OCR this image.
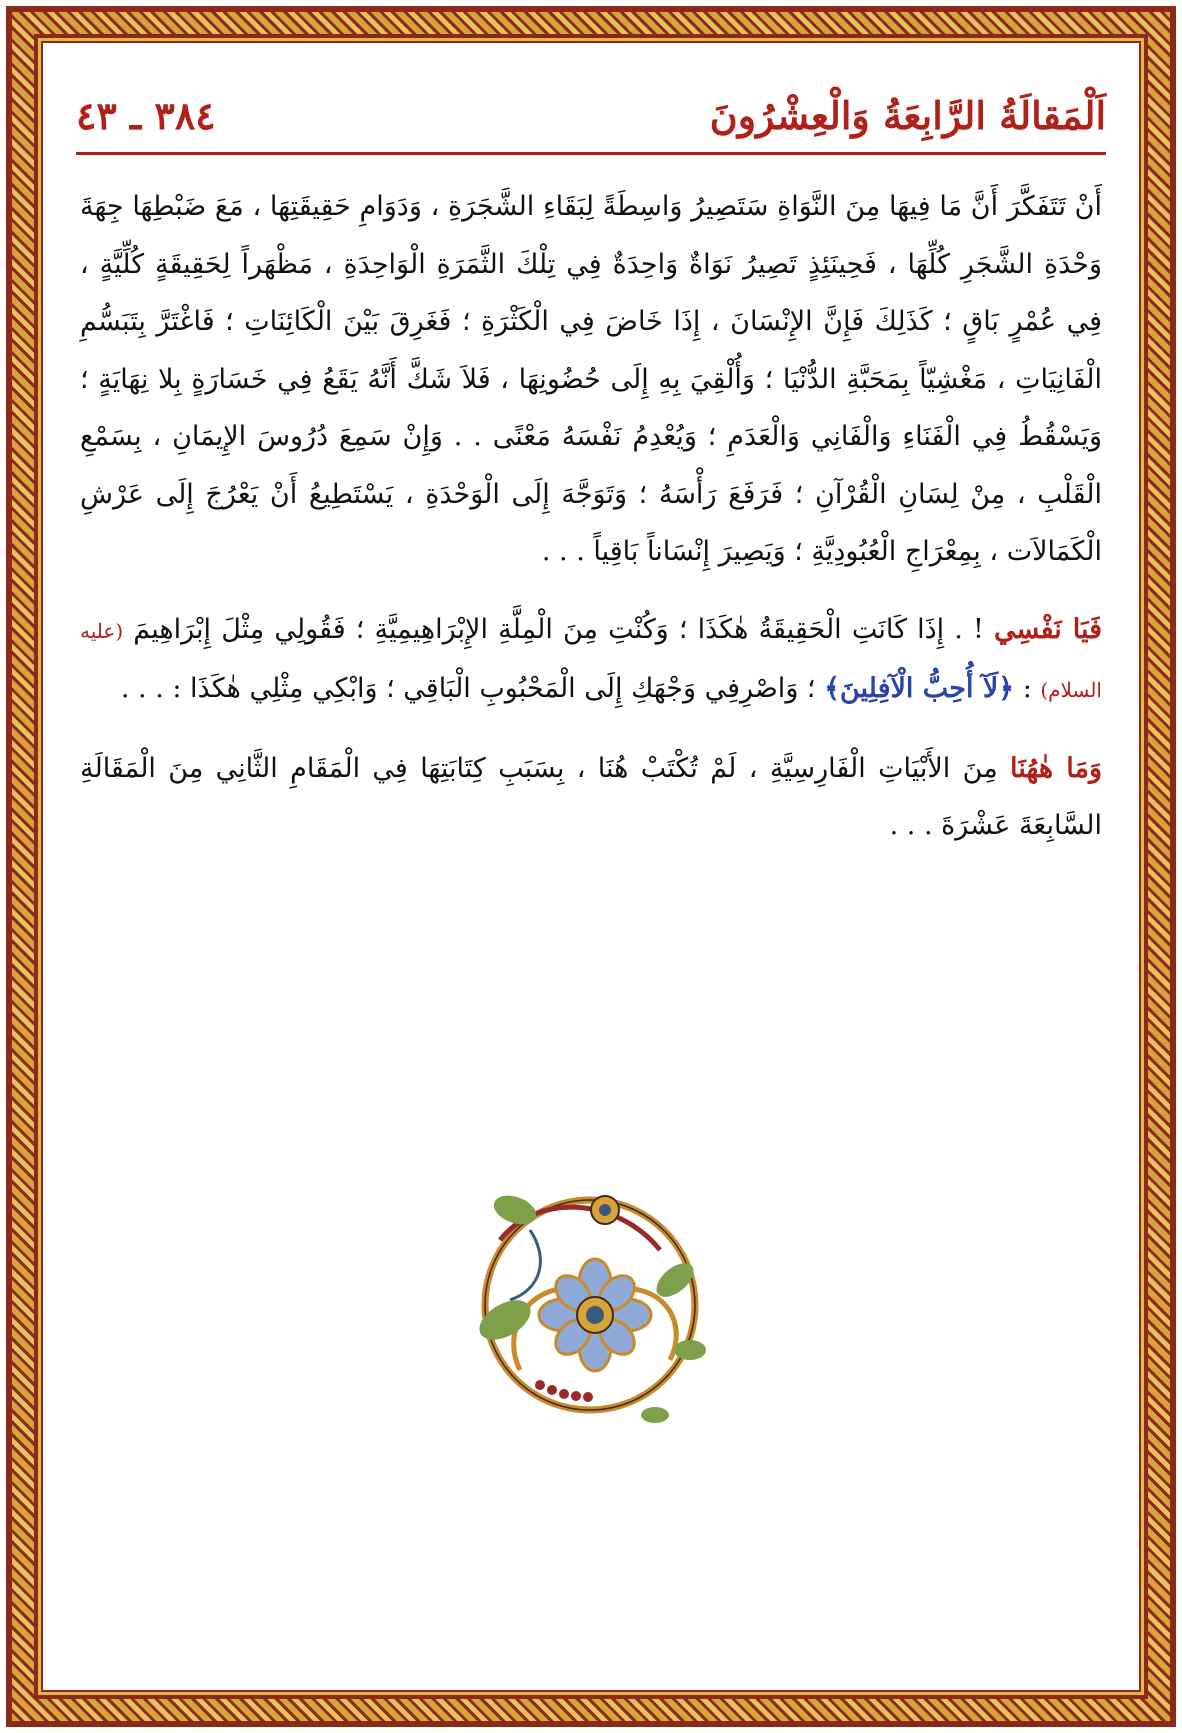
٣٨٤ ـ ٤٣	اَلْمَقالَةُ الرَّابِعَةُ وَالْعِشْرُونَ

أَنْ تَتَفَكَّرَ أَنَّ مَا فِيهَا مِنَ النَّوَاةِ سَتَصِيرُ وَاسِطَةً لِبَقَاءِ الشَّجَرَةِ ، وَدَوَامِ حَقِيقَتِهَا ، مَعَ ضَبْطِهَا جِهَةَ وَحْدَةِ الشَّجَرِ كُلِّهَا ، فَحِينَئِذٍ تَصِيرُ نَوَاةٌ وَاحِدَةٌ فِي تِلْكَ الثَّمَرَةِ الْوَاحِدَةِ ، مَظْهَراً لِحَقِيقَةٍ كُلِّيَّةٍ ، فِي عُمْرٍ بَاقٍ ؛ كَذَلِكَ فَإِنَّ الإِنْسَانَ ، إِذَا خَاضَ فِي الْكَثْرَةِ ؛ فَغَرِقَ بَيْنَ الْكَائِنَاتِ ؛ فَاغْتَرَّ بِتَبَسُّمِ الْفَانِيَاتِ ، مَغْشِيّاً بِمَحَبَّةِ الدُّنْيَا ؛ وَأُلْقِيَ بِهِ إِلَى حُضُونِهَا ، فَلاَ شَكَّ أَنَّهُ يَقَعُ فِي خَسَارَةٍ بِلا نِهَايَةٍ ؛ وَيَسْقُطُ فِي الْفَنَاءِ وَالْفَانِي وَالْعَدَمِ ؛ وَيُعْدِمُ نَفْسَهُ مَعْنًى . . وَإِنْ سَمِعَ دُرُوسَ الإِيمَانِ ، بِسَمْعِ الْقَلْبِ ، مِنْ لِسَانِ الْقُرْآنِ ؛ فَرَفَعَ رَأْسَهُ ؛ وَتَوَجَّهَ إِلَى الْوَحْدَةِ ، يَسْتَطِيعُ أَنْ يَعْرُجَ إِلَى عَرْشِ الْكَمَالاَت ، بِمِعْرَاجِ الْعُبُودِيَّةِ ؛ وَيَصِيرَ إِنْسَاناً بَاقِياً . . .

فَيَا نَفْسِي ! . إِذَا كَانَتِ الْحَقِيقَةُ هٰكَذَا ؛ وَكُنْتِ مِنَ الْمِلَّةِ الإِبْرَاهِيمِيَّةِ ؛ فَقُولِي مِثْلَ إِبْرَاهِيمَ (عليه السلام) : ﴿لَآ أُحِبُّ الْآفِلِينَ﴾ ؛ وَاصْرِفِي وَجْهَكِ إِلَى الْمَحْبُوبِ الْبَاقِي ؛ وَابْكِي مِثْلِي هٰكَذَا : . . .

وَمَا هٰهُنَا مِنَ الأَبْيَاتِ الْفَارِسِيَّةِ ، لَمْ تُكْتَبْ هُنَا ، بِسَبَبِ كِتَابَتِهَا فِي الْمَقَامِ الثَّانِي مِنَ الْمَقَالَةِ السَّابِعَةَ عَشْرَةَ . . .
